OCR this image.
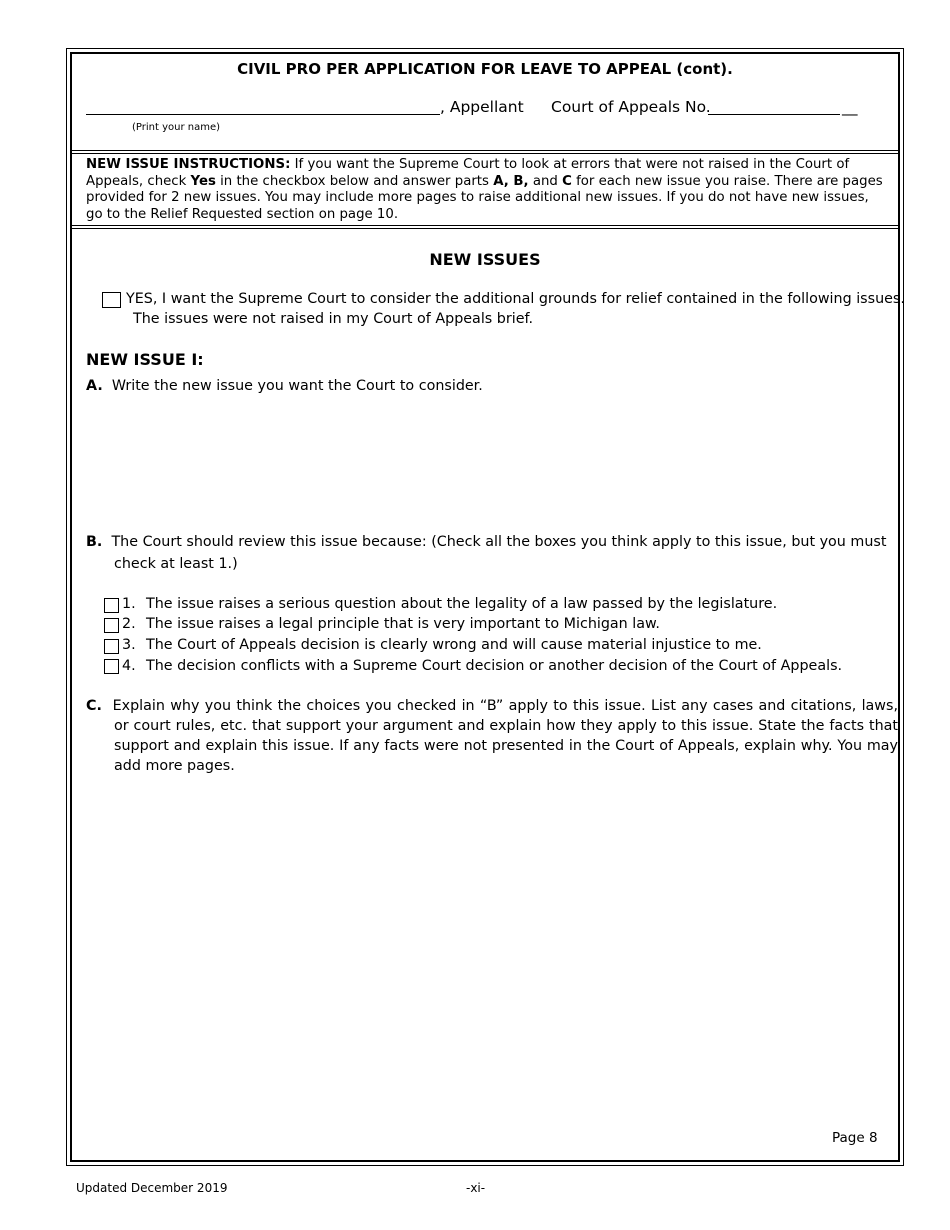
CIVIL PRO PER APPLICATION FOR LEAVE TO APPEAL (cont).
, Appellant Court of Appeals No.	__
(Print your name)
NEW ISSUE INSTRUCTIONS: If you want the Supreme Court to look at errors that were not raised in the Court of Appeals, check Yes in the checkbox below and answer parts A, B, and C for each new issue you raise. There are pages provided for 2 new issues. You may include more pages to raise additional new issues. If you do not have new issues, go to the Relief Requested section on page 10.
NEW ISSUES
YES, I want the Supreme Court to consider the additional grounds for relief contained in the following issues.
The issues were not raised in my Court of Appeals brief.
NEW ISSUE I:
A. Write the new issue you want the Court to consider.
B. The Court should review this issue because: (Check all the boxes you think apply to this issue, but you must check at least 1.)
1. The issue raises a serious question about the legality of a law passed by the legislature.
2. The issue raises a legal principle that is very important to Michigan law.
3. The Court of Appeals decision is clearly wrong and will cause material injustice to me.
4. The decision conflicts with a Supreme Court decision or another decision of the Court of Appeals.
C. Explain why you think the choices you checked in “B” apply to this issue. List any cases and citations, laws, or court rules, etc. that support your argument and explain how they apply to this issue. State the facts that support and explain this issue. If any facts were not presented in the Court of Appeals, explain why. You may add more pages.
Page 8
Updated December 2019	-xi-
